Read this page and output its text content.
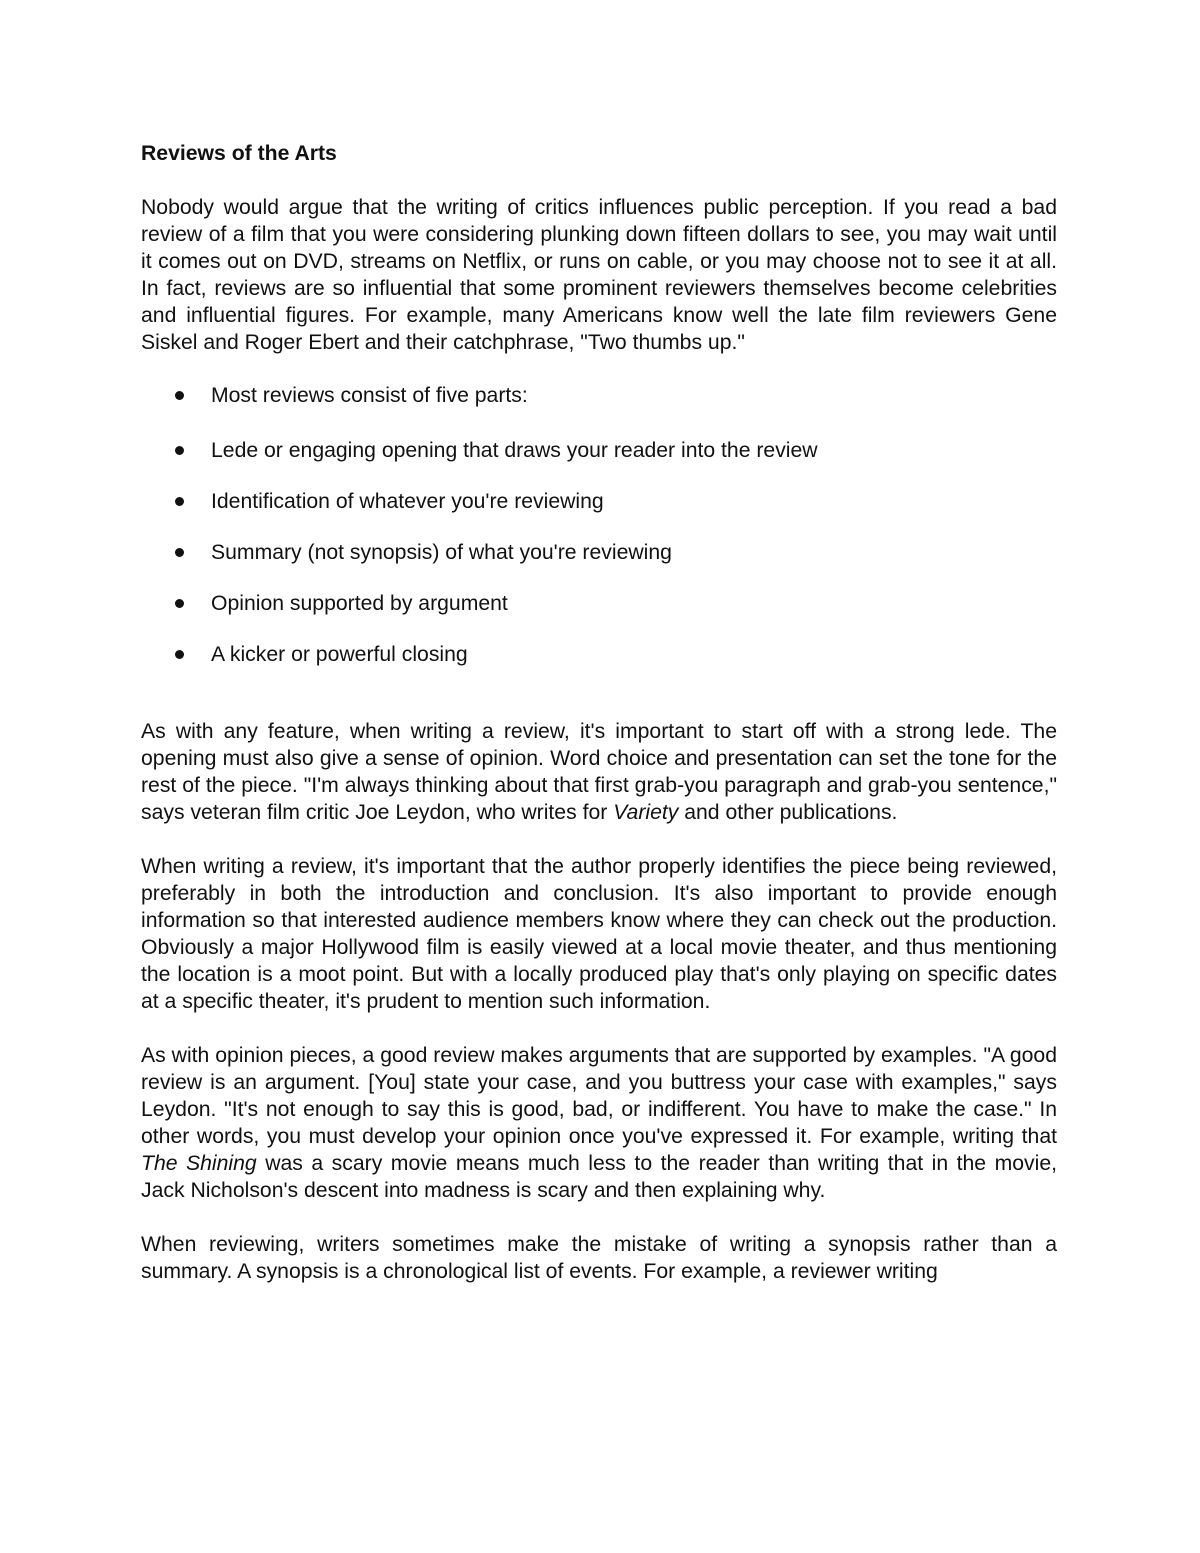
Reviews of the Arts

Nobody would argue that the writing of critics influences public perception. If you read a bad review of a film that you were considering plunking down fifteen dollars to see, you may wait until it comes out on DVD, streams on Netflix, or runs on cable, or you may choose not to see it at all. In fact, reviews are so influential that some prominent reviewers themselves become celebrities and influential figures. For example, many Americans know well the late film reviewers Gene Siskel and Roger Ebert and their catchphrase, "Two thumbs up."

Most reviews consist of five parts:
Lede or engaging opening that draws your reader into the review
Identification of whatever you're reviewing
Summary (not synopsis) of what you're reviewing
Opinion supported by argument
A kicker or powerful closing

As with any feature, when writing a review, it's important to start off with a strong lede. The opening must also give a sense of opinion. Word choice and presentation can set the tone for the rest of the piece. "I'm always thinking about that first grab-you paragraph and grab-you sentence," says veteran film critic Joe Leydon, who writes for Variety and other publications.

When writing a review, it's important that the author properly identifies the piece being reviewed, preferably in both the introduction and conclusion. It's also important to provide enough information so that interested audience members know where they can check out the production. Obviously a major Hollywood film is easily viewed at a local movie theater, and thus mentioning the location is a moot point. But with a locally produced play that's only playing on specific dates at a specific theater, it's prudent to mention such information.

As with opinion pieces, a good review makes arguments that are supported by examples. "A good review is an argument. [You] state your case, and you buttress your case with examples," says Leydon. "It's not enough to say this is good, bad, or indifferent. You have to make the case." In other words, you must develop your opinion once you've expressed it. For example, writing that The Shining was a scary movie means much less to the reader than writing that in the movie, Jack Nicholson's descent into madness is scary and then explaining why.

When reviewing, writers sometimes make the mistake of writing a synopsis rather than a summary. A synopsis is a chronological list of events. For example, a reviewer writing
